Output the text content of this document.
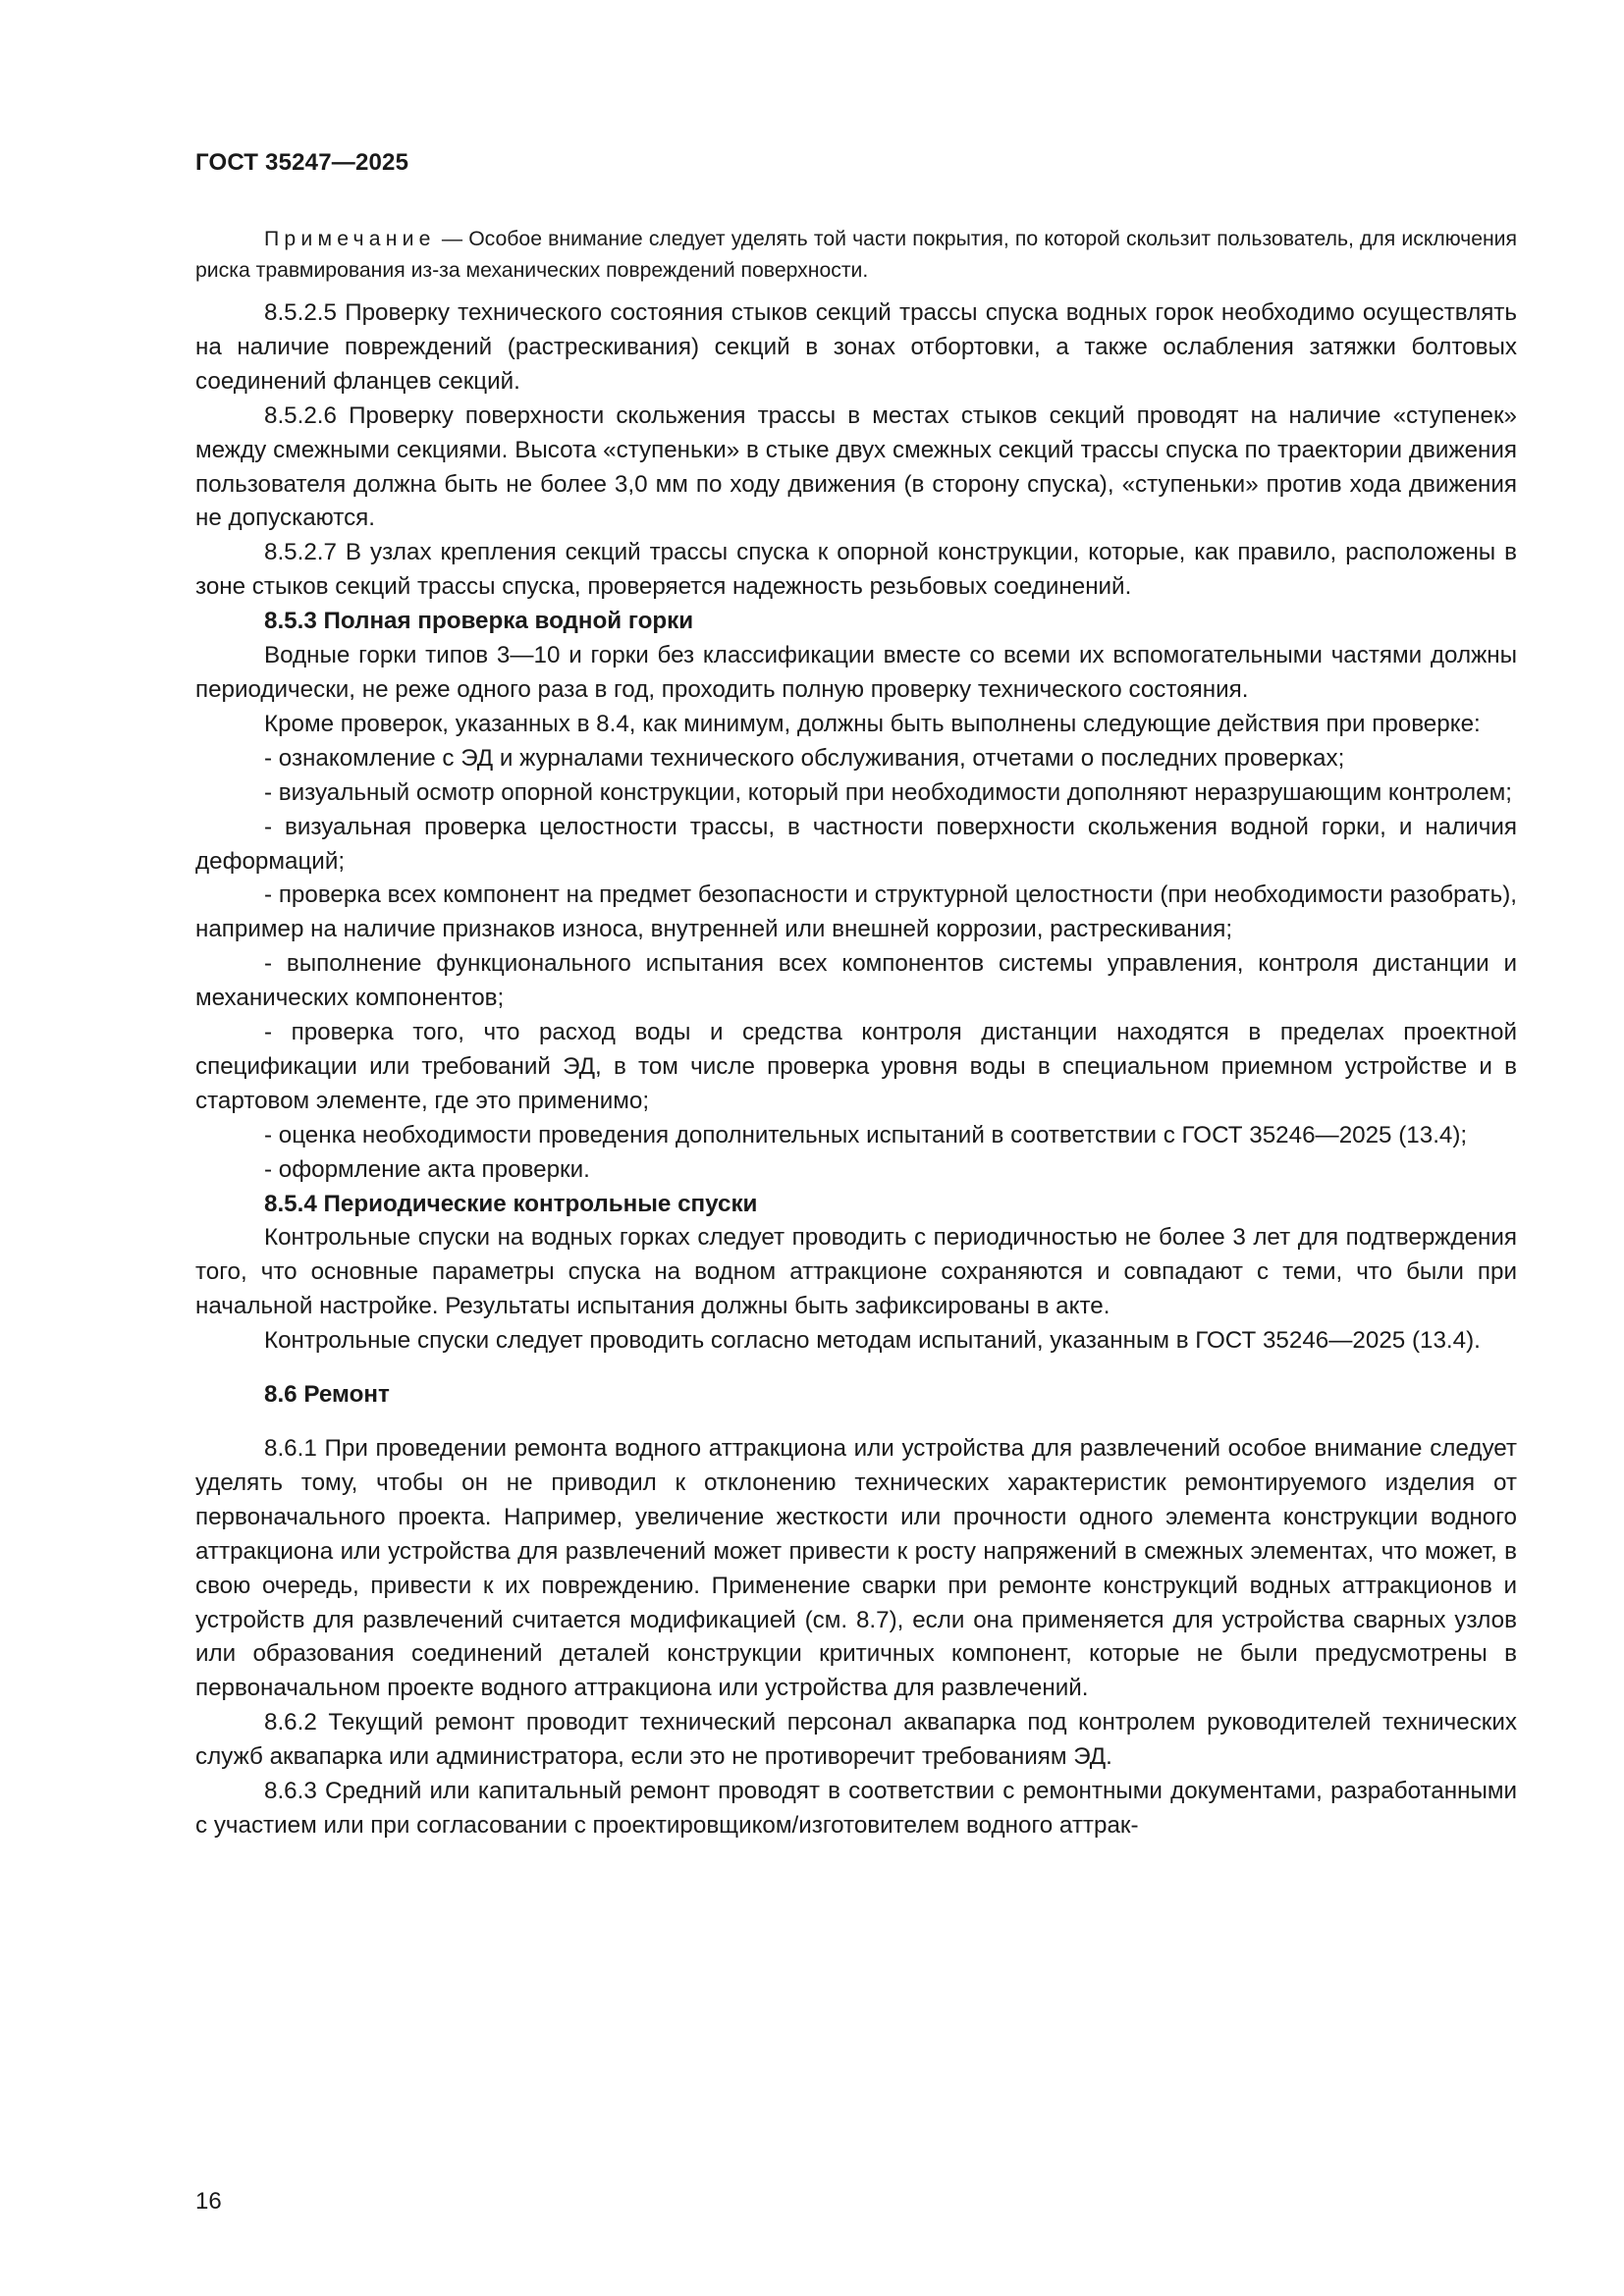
ГОСТ 35247—2025

Примечание — Особое внимание следует уделять той части покрытия, по которой скользит пользователь, для исключения риска травмирования из-за механических повреждений поверхности.

8.5.2.5 Проверку технического состояния стыков секций трассы спуска водных горок необходимо осуществлять на наличие повреждений (растрескивания) секций в зонах отбортовки, а также ослабления затяжки болтовых соединений фланцев секций.

8.5.2.6 Проверку поверхности скольжения трассы в местах стыков секций проводят на наличие «ступенек» между смежными секциями. Высота «ступеньки» в стыке двух смежных секций трассы спуска по траектории движения пользователя должна быть не более 3,0 мм по ходу движения (в сторону спуска), «ступеньки» против хода движения не допускаются.

8.5.2.7 В узлах крепления секций трассы спуска к опорной конструкции, которые, как правило, расположены в зоне стыков секций трассы спуска, проверяется надежность резьбовых соединений.

8.5.3 Полная проверка водной горки

Водные горки типов 3—10 и горки без классификации вместе со всеми их вспомогательными частями должны периодически, не реже одного раза в год, проходить полную проверку технического состояния.

Кроме проверок, указанных в 8.4, как минимум, должны быть выполнены следующие действия при проверке:

- ознакомление с ЭД и журналами технического обслуживания, отчетами о последних проверках;

- визуальный осмотр опорной конструкции, который при необходимости дополняют неразрушающим контролем;

- визуальная проверка целостности трассы, в частности поверхности скольжения водной горки, и наличия деформаций;

- проверка всех компонент на предмет безопасности и структурной целостности (при необходимости разобрать), например на наличие признаков износа, внутренней или внешней коррозии, растрескивания;

- выполнение функционального испытания всех компонентов системы управления, контроля дистанции и механических компонентов;

- проверка того, что расход воды и средства контроля дистанции находятся в пределах проектной спецификации или требований ЭД, в том числе проверка уровня воды в специальном приемном устройстве и в стартовом элементе, где это применимо;

- оценка необходимости проведения дополнительных испытаний в соответствии с ГОСТ 35246—2025 (13.4);

- оформление акта проверки.

8.5.4 Периодические контрольные спуски

Контрольные спуски на водных горках следует проводить с периодичностью не более 3 лет для подтверждения того, что основные параметры спуска на водном аттракционе сохраняются и совпадают с теми, что были при начальной настройке. Результаты испытания должны быть зафиксированы в акте.

Контрольные спуски следует проводить согласно методам испытаний, указанным в ГОСТ 35246—2025 (13.4).

8.6 Ремонт

8.6.1 При проведении ремонта водного аттракциона или устройства для развлечений особое внимание следует уделять тому, чтобы он не приводил к отклонению технических характеристик ремонтируемого изделия от первоначального проекта. Например, увеличение жесткости или прочности одного элемента конструкции водного аттракциона или устройства для развлечений может привести к росту напряжений в смежных элементах, что может, в свою очередь, привести к их повреждению. Применение сварки при ремонте конструкций водных аттракционов и устройств для развлечений считается модификацией (см. 8.7), если она применяется для устройства сварных узлов или образования соединений деталей конструкции критичных компонент, которые не были предусмотрены в первоначальном проекте водного аттракциона или устройства для развлечений.

8.6.2 Текущий ремонт проводит технический персонал аквапарка под контролем руководителей технических служб аквапарка или администратора, если это не противоречит требованиям ЭД.

8.6.3 Средний или капитальный ремонт проводят в соответствии с ремонтными документами, разработанными с участием или при согласовании с проектировщиком/изготовителем водного аттрак-

16
